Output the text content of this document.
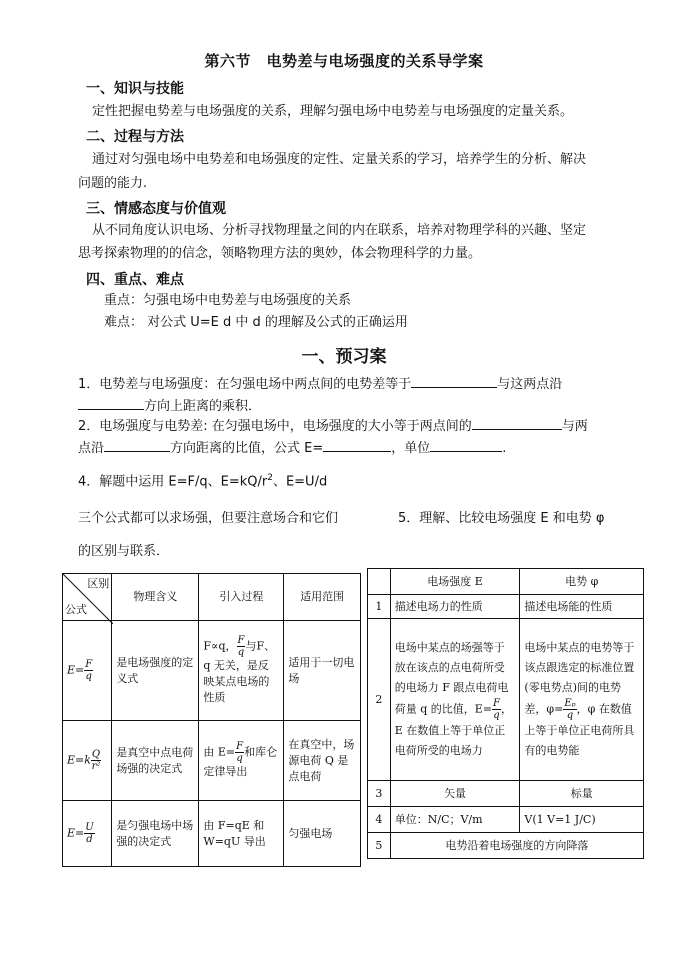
第六节　电势差与电场强度的关系导学案
一、知识与技能
定性把握电势差与电场强度的关系，理解匀强电场中电势差与电场强度的定量关系。
二、过程与方法
通过对匀强电场中电势差和电场强度的定性、定量关系的学习，培养学生的分析、解决
问题的能力.
三、情感态度与价值观
从不同角度认识电场、分析寻找物理量之间的内在联系，培养对物理学科的兴趣、坚定
思考探索物理的的信念，领略物理方法的奥妙，体会物理科学的力量。
四、重点、难点
重点：匀强电场中电势差与电场强度的关系
难点： 对公式 U=E d 中 d 的理解及公式的正确运用
一、预习案
1．电势差与电场强度：在匀强电场中两点间的电势差等于	与这两点沿
方向上距离的乘积．
2．电场强度与电势差: 在匀强电场中，电场强度的大小等于两点间的	与两
点沿	方向距离的比值，公式 E=	，单位	.
4．解题中运用 E=F/q、$E=kQ/r^2$、E=U/d
三个公式都可以求场强，但要注意场合和它们	5．理解、比较电场强度 E 和电势 φ
的区别与联系．
区别
公式	物理含义	引入过程	适用范围
$E= \frac{F}{q}$	是电场强度的定义式	F∝q， $\frac{F}{q}$ 与F、q 无关，是反映某点电场的性质	适用于一切电场
$E=k \frac{Q}{\text{r²}}$	是真空中点电荷场强的决定式	由 $E= \frac{F}{q}$ 和库仑定律导出	在真空中，场源电荷 Q 是点电荷
$E= \frac{U}{d}$	是匀强电场中场强的决定式	由 F=qE 和 W=qU 导出	匀强电场
	电场强度 E	电势 φ
1	描述电场力的性质	描述电场能的性质
2	电场中某点的场强等于放在该点的点电荷所受的电场力 F 跟点电荷电荷量 q 的比值，$E= \frac{F}{q}$ ，E 在数值上等于单位正电荷所受的电场力	电场中某点的电势等于该点跟选定的标准位置(零电势点)间的电势差，$\varphi= \frac{\text{Eₚ}}{q}$ ，φ 在数值上等于单位正电荷所具有的电势能
3	矢量	标量
4	单位：N/C；V/m	V(1 V=1 J/C)
5	电势沿着电场强度的方向降落	
